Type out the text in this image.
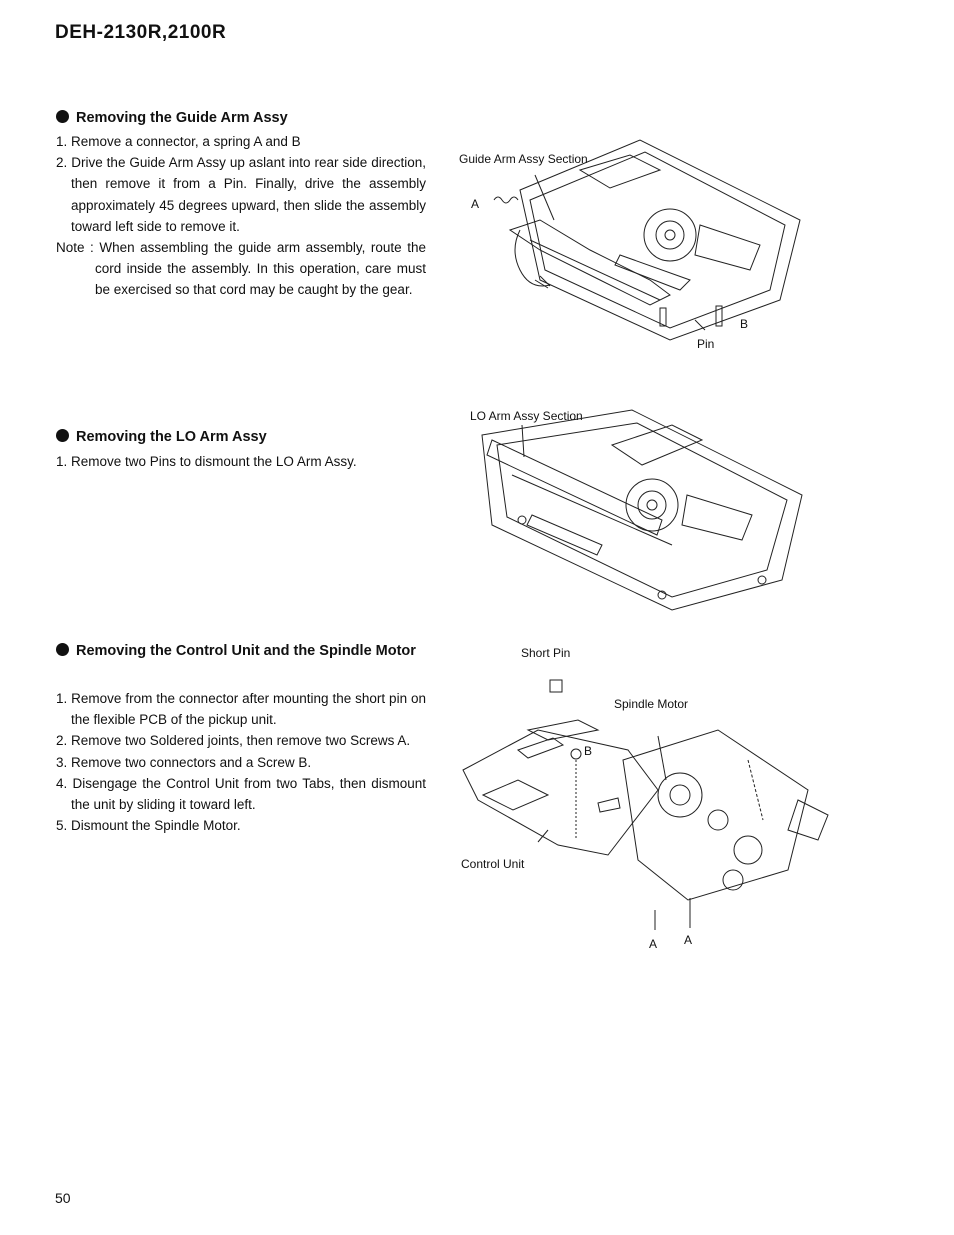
DEH-2130R,2100R
Removing the Guide Arm Assy

1. Remove a connector, a spring A and B

2. Drive the Guide Arm Assy up aslant into rear side direction, then remove it from a Pin. Finally, drive the assembly approximately 45 degrees upward, then slide the assembly toward left side to remove it.

Note : When assembling the guide arm assembly, route the cord inside the assembly. In this operation, care must be exercised so that cord may be caught by the gear.

Removing the LO Arm Assy

1. Remove two Pins to dismount the LO Arm Assy.

Removing the Control Unit and the Spindle Motor

1. Remove from the connector after mounting the short pin on the flexible PCB of the pickup unit.

2. Remove two Soldered joints, then remove two Screws A.

3. Remove two connectors and a Screw B.

4. Disengage the Control Unit from two Tabs, then dismount the unit by sliding it toward left.

5. Dismount the Spindle Motor.

Guide Arm Assy Section
A
B
Pin
LO Arm Assy Section
Short Pin
Spindle Motor
B
Control Unit
A A
50
